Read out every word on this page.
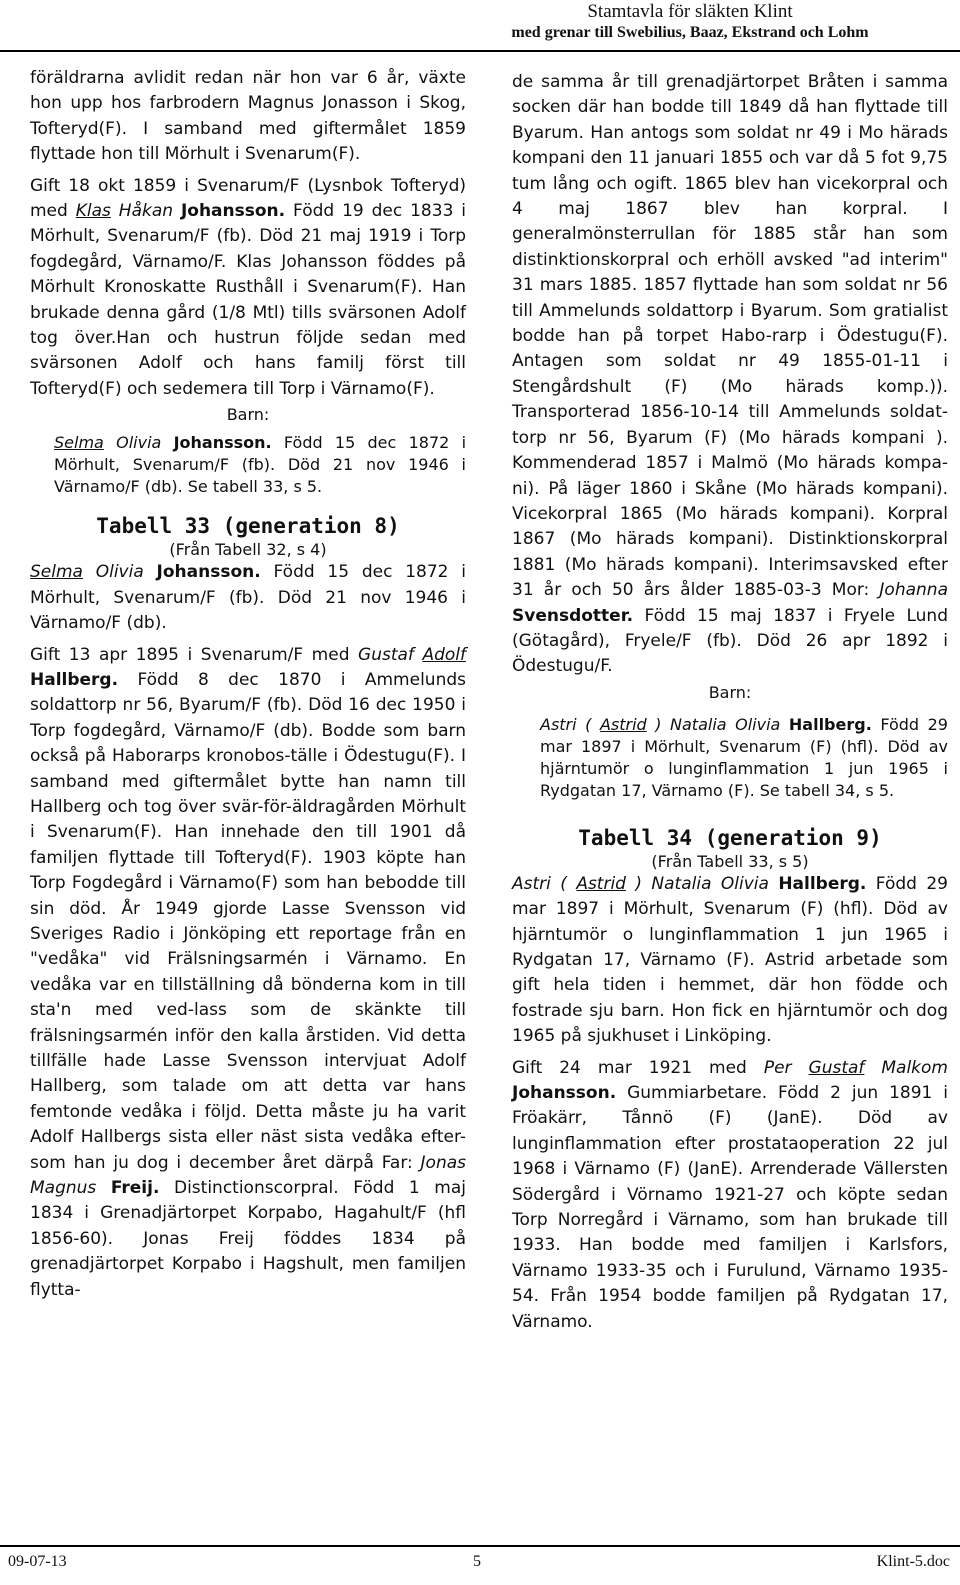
Stamtavla för släkten Klint
med grenar till Swebilius, Baaz, Ekstrand och Lohm

föräldrarna avlidit redan när hon var 6 år, växte hon upp hos farbrodern Magnus Jonasson i Skog, Tofteryd(F). I samband med giftermålet 1859 flyttade hon till Mörhult i Svenarum(F).

Gift 18 okt 1859 i Svenarum/F (Lysnbok Tofteryd) med Klas Håkan Johansson. Född 19 dec 1833 i Mörhult, Svenarum/F (fb). Död 21 maj 1919 i Torp fogdegård, Värnamo/F. Klas Johansson föddes på Mörhult Kronoskatte Rusthåll i Svenarum(F). Han brukade denna gård (1/8 Mtl) tills svärsonen Adolf tog över.Han och hustrun följde sedan med svärsonen Adolf och hans familj först till Tofteryd(F) och sedemera till Torp i Värnamo(F).

Barn:

Selma Olivia Johansson. Född 15 dec 1872 i Mörhult, Svenarum/F (fb). Död 21 nov 1946 i Värnamo/F (db). Se tabell 33, s 5.

Tabell 33 (generation 8)
(Från Tabell 32, s 4)

Selma Olivia Johansson. Född 15 dec 1872 i Mörhult, Svenarum/F (fb). Död 21 nov 1946 i Värnamo/F (db).

Gift 13 apr 1895 i Svenarum/F med Gustaf Adolf Hallberg. Född 8 dec 1870 i Ammelunds soldattorp nr 56, Byarum/F (fb). Död 16 dec 1950 i Torp fogdegård, Värnamo/F (db). Bodde som barn också på Haborarps kronobos-tälle i Ödestugu(F). I samband med giftermålet bytte han namn till Hallberg och tog över svär-för-äldragården Mörhult i Svenarum(F). Han innehade den till 1901 då familjen flyttade till Tofteryd(F). 1903 köpte han Torp Fogdegård i Värnamo(F) som han bebodde till sin död. År 1949 gjorde Lasse Svensson vid Sveriges Radio i Jönköping ett reportage från en "vedåka" vid Frälsningsarmén i Värnamo. En vedåka var en tillställning då bönderna kom in till sta'n med ved-lass som de skänkte till frälsningsarmén inför den kalla årstiden. Vid detta tillfälle hade Lasse Svensson intervjuat Adolf Hallberg, som talade om att detta var hans femtonde vedåka i följd. Detta måste ju ha varit Adolf Hallbergs sista eller näst sista vedåka efter-som han ju dog i december året därpå Far: Jonas Magnus Freij. Distinctionscorpral. Född 1 maj 1834 i Grenadjärtorpet Korpabo, Hagahult/F (hfl 1856-60). Jonas Freij föddes 1834 på grenadjärtorpet Korpabo i Hagshult, men familjen flytta-

de samma år till grenadjärtorpet Bråten i samma socken där han bodde till 1849 då han flyttade till Byarum. Han antogs som soldat nr 49 i Mo härads kompani den 11 januari 1855 och var då 5 fot 9,75 tum lång och ogift. 1865 blev han vicekorpral och 4 maj 1867 blev han korpral. I generalmönsterrullan för 1885 står han som distinktionskorpral och erhöll avsked "ad interim" 31 mars 1885. 1857 flyttade han som soldat nr 56 till Ammelunds soldattorp i Byarum. Som gratialist bodde han på torpet Habo-rarp i Ödestugu(F). Antagen som soldat nr 49 1855-01-11 i Stengårdshult (F) (Mo härads komp.)). Transporterad 1856-10-14 till Ammelunds soldat-torp nr 56, Byarum (F) (Mo härads kompani ). Kommenderad 1857 i Malmö (Mo härads kompa-ni). På läger 1860 i Skåne (Mo härads kompani). Vicekorpral 1865 (Mo härads kompani). Korpral 1867 (Mo härads kompani). Distinktionskorpral 1881 (Mo härads kompani). Interimsavsked efter 31 år och 50 års ålder 1885-03-3 Mor: Johanna Svensdotter. Född 15 maj 1837 i Fryele Lund (Götagård), Fryele/F (fb). Död 26 apr 1892 i Ödestugu/F.

Barn:

Astri ( Astrid ) Natalia Olivia Hallberg. Född 29 mar 1897 i Mörhult, Svenarum (F) (hfl). Död av hjärntumör o lunginflammation 1 jun 1965 i Rydgatan 17, Värnamo (F). Se tabell 34, s 5.

Tabell 34 (generation 9)
(Från Tabell 33, s 5)

Astri ( Astrid ) Natalia Olivia Hallberg. Född 29 mar 1897 i Mörhult, Svenarum (F) (hfl). Död av hjärntumör o lunginflammation 1 jun 1965 i Rydgatan 17, Värnamo (F). Astrid arbetade som gift hela tiden i hemmet, där hon födde och fostrade sju barn. Hon fick en hjärntumör och dog 1965 på sjukhuset i Linköping.

Gift 24 mar 1921 med Per Gustaf Malkom Johansson. Gummiarbetare. Född 2 jun 1891 i Fröakärr, Tånnö (F) (JanE). Död av lunginflammation efter prostataoperation 22 jul 1968 i Värnamo (F) (JanE). Arrenderade Vällersten Södergård i Vörnamo 1921-27 och köpte sedan Torp Norregård i Värnamo, som han brukade till 1933. Han bodde med familjen i Karlsfors, Värnamo 1933-35 och i Furulund, Värnamo 1935-54. Från 1954 bodde familjen på Rydgatan 17, Värnamo.

09-07-13	5	Klint-5.doc
